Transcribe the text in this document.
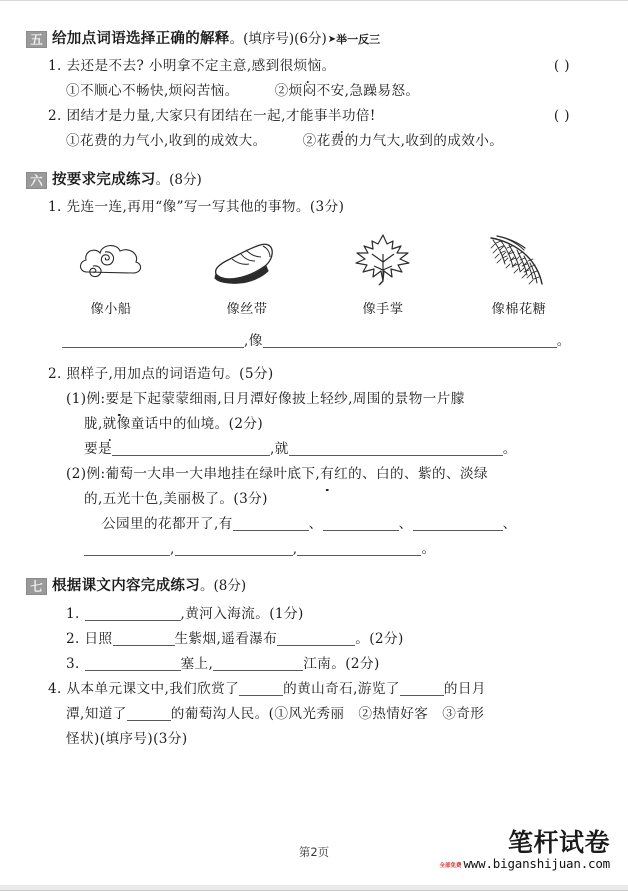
五 给加点词语选择正确的解释。(填序号)(6分)➤举一反三
1. 去还是不去? 小明拿不定主意,感到很烦恼。	( )
①不顺心不畅快,烦闷苦恼。	②烦闷不安,急躁易怒。
2. 团结才是力量,大家只有团结在一起,才能事半功倍!	( )
①花费的力气小,收到的成效大。	②花费的力气大,收到的成效小。
六 按要求完成练习。(8分)
1. 先连一连,再用“像”写一写其他的事物。(3分)
像小船	像丝带	像手掌	像棉花糖
,像	。
2. 照样子,用加点的词语造句。(5分)
(1)例:要是下起蒙蒙细雨,日月潭好像披上轻纱,周围的景物一片朦
胧,就像童话中的仙境。(2分)
要是	,就	。
(2)例:葡萄一大串一大串地挂在绿叶底下,有红的、白的、紫的、淡绿
的,五光十色,美丽极了。(3分)
公园里的花都开了,有	、	、	、
,	,	。
七 根据课文内容完成练习。(8分)
1.	,黄河入海流。(1分)
2. 日照	生紫烟,遥看瀑布	。(2分)
3.	塞上,	江南。(2分)
4. 从本单元课文中,我们欣赏了	的黄山奇石,游览了	的日月
潭,知道了	的葡萄沟人民。(①风光秀丽　②热情好客　③奇形
怪状)(填序号)(3分)
第2页	笔杆试卷
全部免费 www.biganshijuan.com
